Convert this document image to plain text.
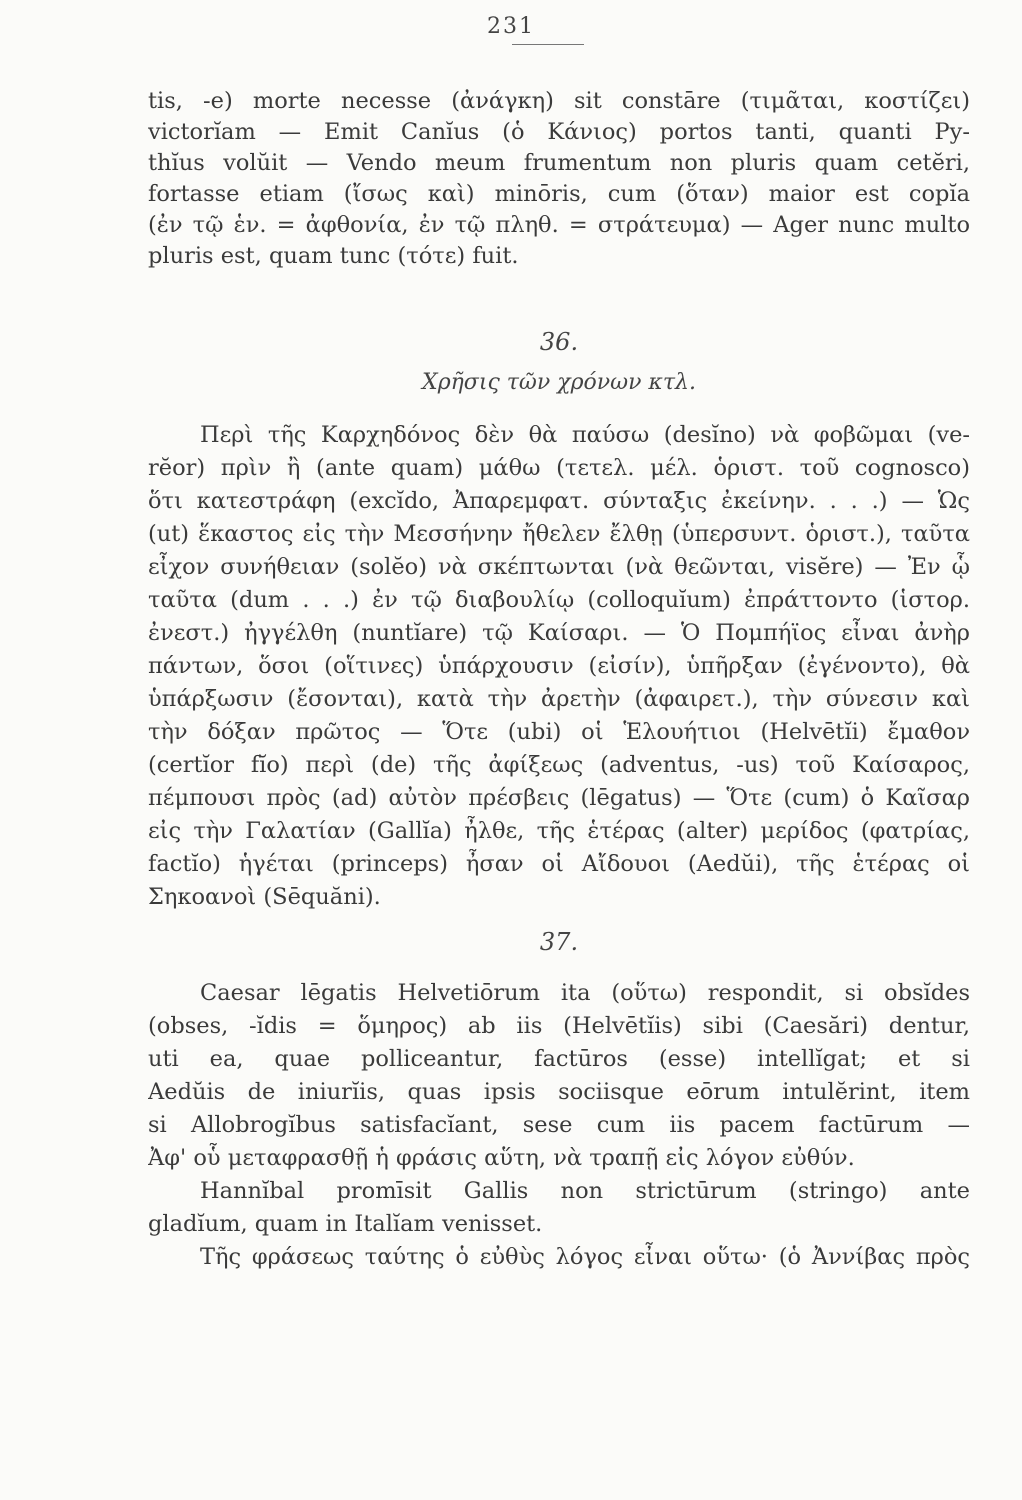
231
tis, -e) morte necesse (ἀνάγκη) sit constāre (τιμᾶται, κοστίζει)
victorĭam — Emit Canĭus (ὁ Κάνιος) portos tanti, quanti Py-
thĭus volŭit — Vendo meum frumentum non pluris quam cetĕri,
fortasse etiam (ἴσως καὶ) minōris, cum (ὅταν) maior est copĭa
(ἐν τῷ ἑν. = ἀφθονία, ἐν τῷ πληθ. = στράτευμα) — Ager nunc multo
pluris est, quam tunc (τότε) fuit.
36.
Χρῆσις τῶν χρόνων κτλ.
Περὶ τῆς Καρχηδόνος δὲν θὰ παύσω (desĭno) νὰ φοβῶμαι (ve-
rĕor) πρὶν ἢ (ante quam) μάθω (τετελ. μέλ. ὁριστ. τοῦ cognosco)
ὅτι κατεστράφη (excĭdo, Ἀπαρεμφατ. σύνταξις ἐκείνην. . . .) — Ὡς
(ut) ἕκαστος εἰς τὴν Μεσσήνην ἤθελεν ἔλθῃ (ὑπερσυντ. ὁριστ.), ταῦτα
εἶχον συνήθειαν (solĕo) νὰ σκέπτωνται (νὰ θεῶνται, visĕre) — Ἐν ᾧ
ταῦτα (dum . . .) ἐν τῷ διαβουλίῳ (colloquĭum) ἐπράττοντο (ἱστορ.
ἐνεστ.) ἠγγέλθη (nuntĭare) τῷ Καίσαρι. — Ὁ Πομπήϊος εἶναι ἀνὴρ
πάντων, ὅσοι (οἵτινες) ὑπάρχουσιν (εἰσίν), ὑπῆρξαν (ἐγένοντο), θὰ
ὑπάρξωσιν (ἔσονται), κατὰ τὴν ἀρετὴν (ἀφαιρετ.), τὴν σύνεσιν καὶ
τὴν δόξαν πρῶτος — Ὅτε (ubi) οἱ Ἑλουήτιοι (Helvētĭi) ἔμαθον
(certĭor fĭo) περὶ (de) τῆς ἀφίξεως (adventus, -us) τοῦ Καίσαρος,
πέμπουσι πρὸς (ad) αὐτὸν πρέσβεις (lēgatus) — Ὅτε (cum) ὁ Καῖσαρ
εἰς τὴν Γαλατίαν (Gallĭa) ἦλθε, τῆς ἑτέρας (alter) μερίδος (φατρίας,
factĭo) ἡγέται (princeps) ἦσαν οἱ Αἴδουοι (Aedŭi), τῆς ἑτέρας οἱ
Σηκοανοὶ (Sēquăni).
37.
Caesar lēgatis Helvetiōrum ita (οὕτω) respondit, si obsĭdes
(obses, -ĭdis = ὅμηρος) ab iis (Helvētĭis) sibi (Caesări) dentur,
uti ea, quae polliceantur, factūros (esse) intellĭgat; et si
Aedŭis de iniurĭis, quas ipsis sociisque eōrum intulĕrint, item
si Allobrogĭbus satisfacĭant, sese cum iis pacem factūrum —
Ἀφ' οὗ μεταφρασθῇ ἡ φράσις αὕτη, νὰ τραπῇ εἰς λόγον εὐθύν.
Hannĭbal promīsit Gallis non strictūrum (stringo) ante
gladĭum, quam in Italĭam venisset.
Τῆς φράσεως ταύτης ὁ εὐθὺς λόγος εἶναι οὕτω· (ὁ Ἀννίβας πρὸς
